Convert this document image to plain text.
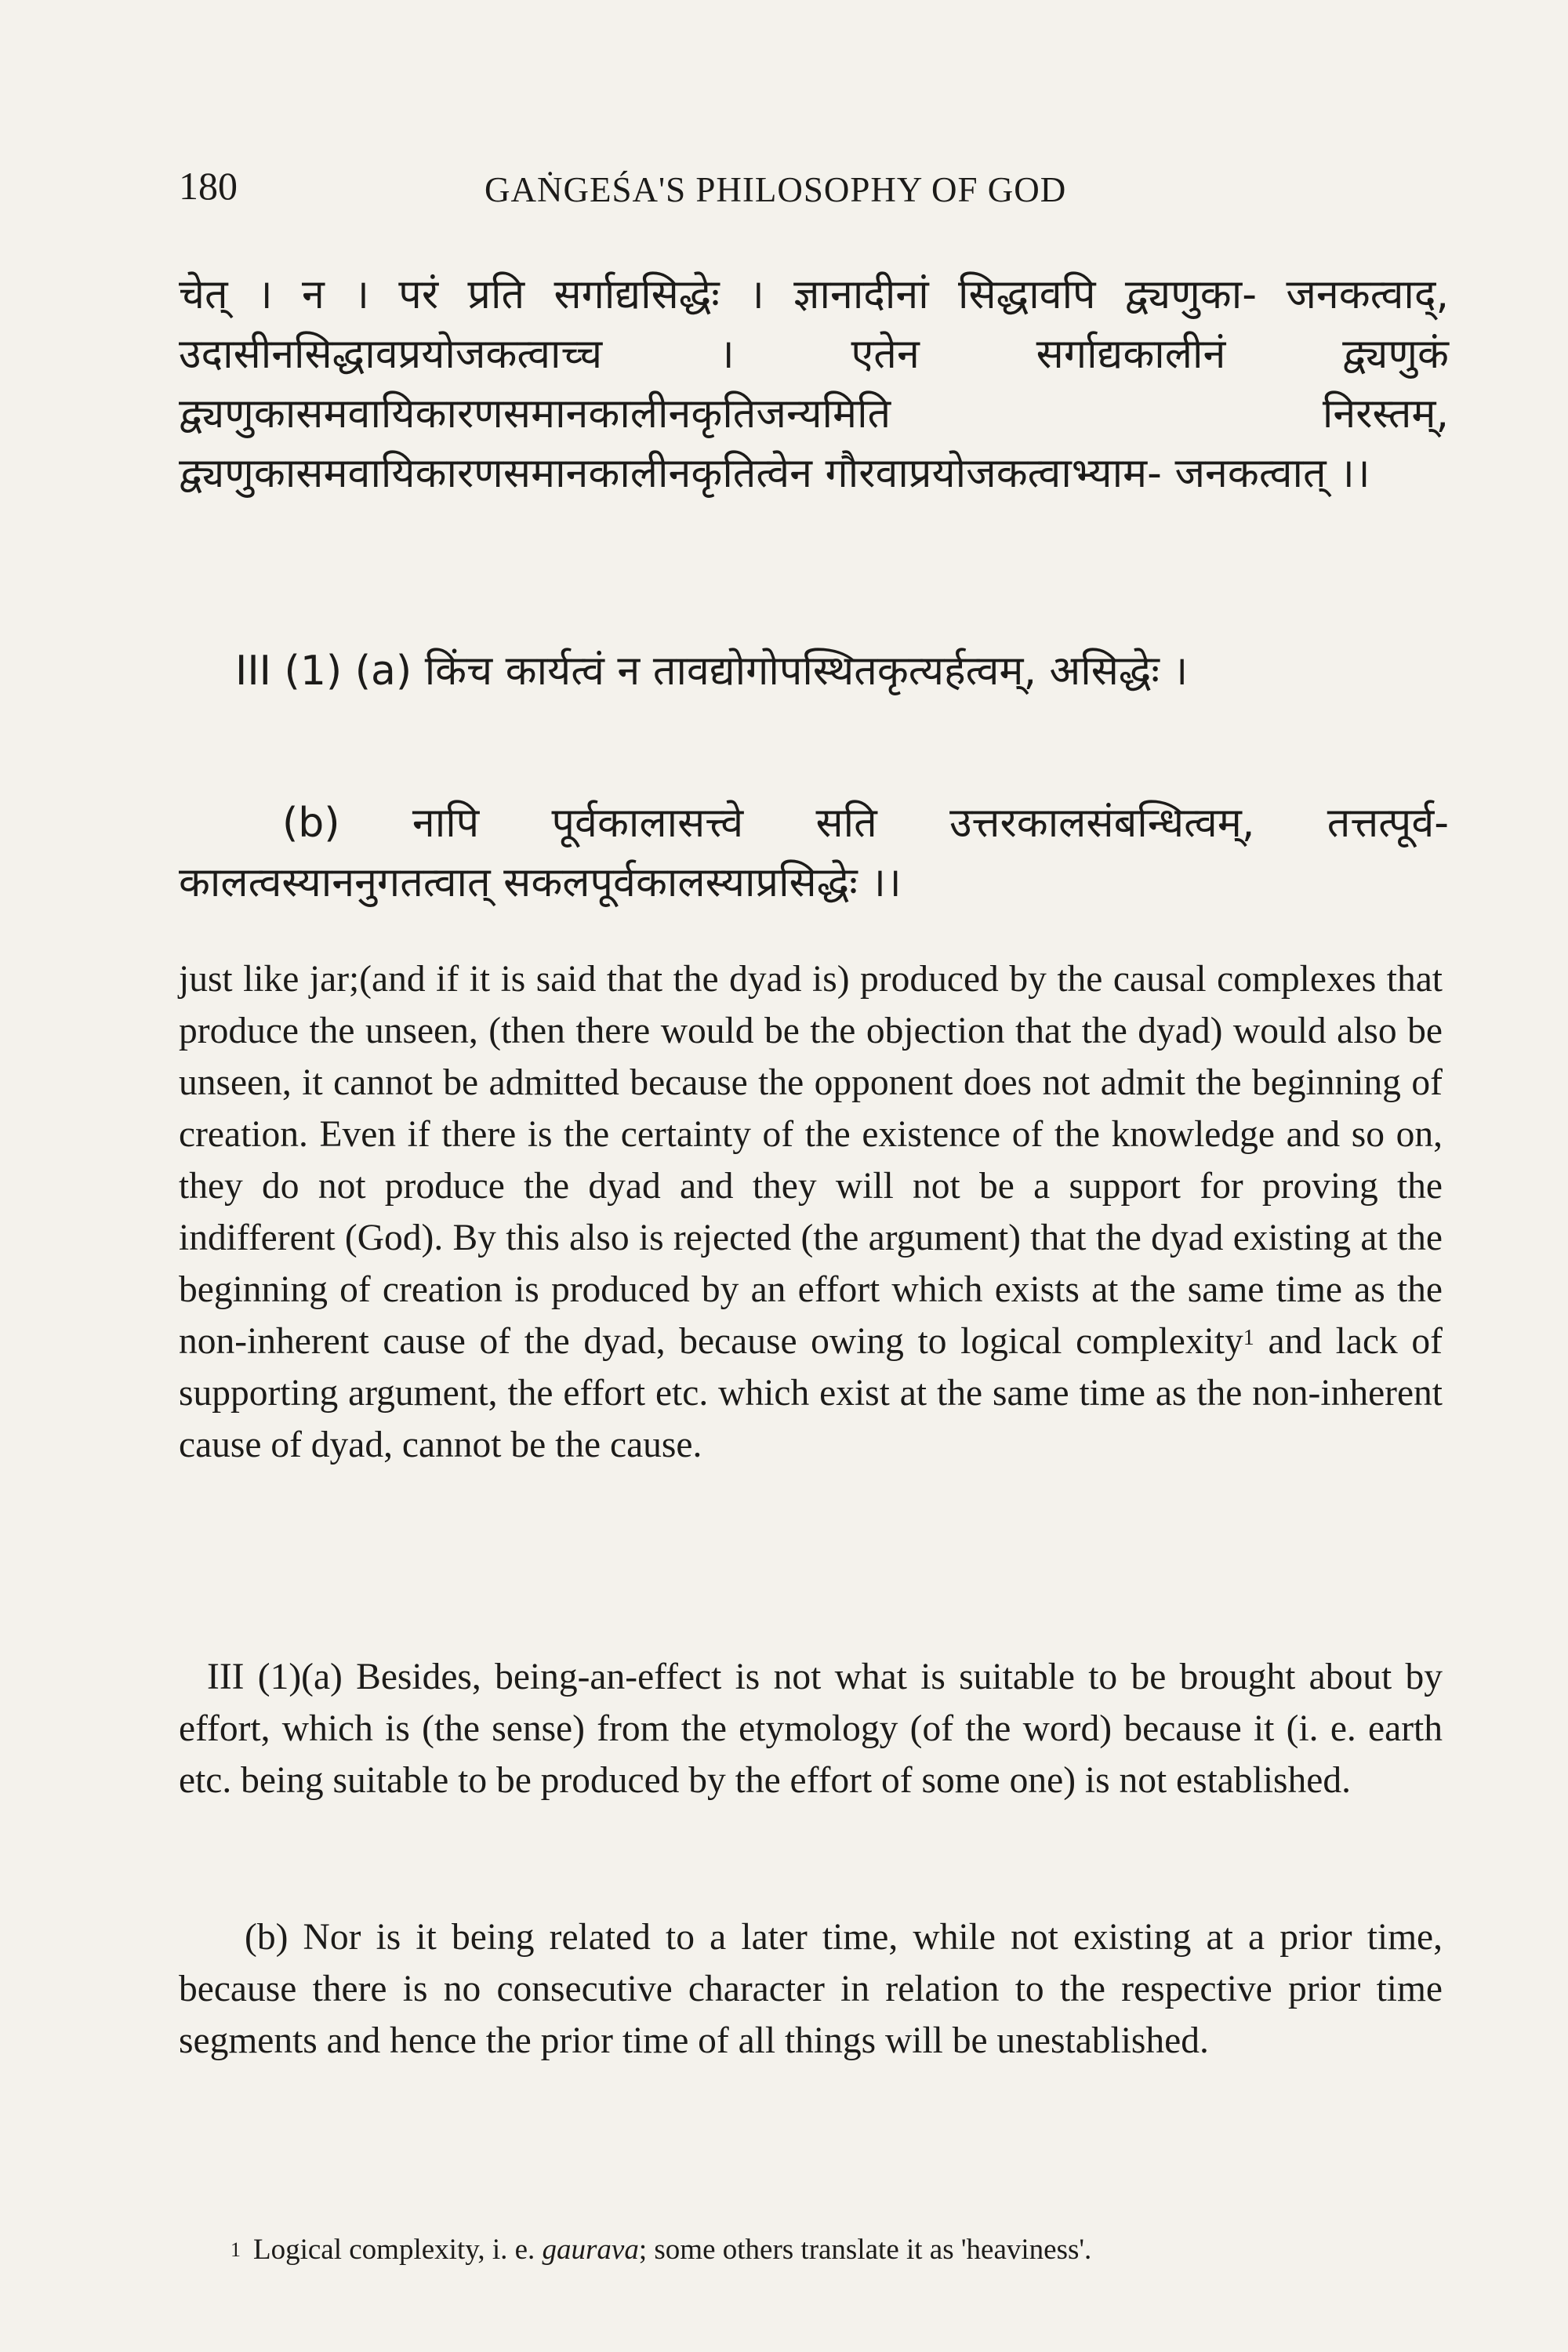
180	GAṄGEŚA'S PHILOSOPHY OF GOD

चेत् । न । परं प्रति सर्गाद्यसिद्धेः । ज्ञानादीनां सिद्धावपि द्व्यणुका- जनकत्वाद्, उदासीनसिद्धावप्रयोजकत्वाच्च । एतेन सर्गाद्यकालीनं द्व्यणुकं द्व्यणुकासमवायिकारणसमानकालीनकृतिजन्यमिति निरस्तम्, द्व्यणुकासमवायिकारणसमानकालीनकृतित्वेन गौरवाप्रयोजकत्वाभ्याम- जनकत्वात् ।।

III (1) (a) किंच कार्यत्वं न तावद्योगोपस्थितकृत्यर्हत्वम्, असिद्धेः ।

(b) नापि पूर्वकालासत्त्वे सति उत्तरकालसंबन्धित्वम्, तत्तत्पूर्व- कालत्वस्याननुगतत्वात् सकलपूर्वकालस्याप्रसिद्धेः ।।

just like jar;(and if it is said that the dyad is) produced by the causal complexes that produce the unseen, (then there would be the objection that the dyad) would also be unseen, it cannot be admitted because the opponent does not admit the beginning of creation. Even if there is the certainty of the existence of the knowledge and so on, they do not produce the dyad and they will not be a support for proving the indifferent (God). By this also is rejected (the argument) that the dyad existing at the beginning of creation is produced by an effort which exists at the same time as the non-inherent cause of the dyad, because owing to logical complexity$^1$ and lack of supporting argument, the effort etc. which exist at the same time as the non-inherent cause of dyad, cannot be the cause.

III (1)(a) Besides, being-an-effect is not what is suitable to be brought about by effort, which is (the sense) from the etymology (of the word) because it (i. e. earth etc. being suitable to be produced by the effort of some one) is not established.

(b) Nor is it being related to a later time, while not existing at a prior time, because there is no consecutive character in relation to the respective prior time segments and hence the prior time of all things will be unestablished.

$^1$ Logical complexity, i. e. gaurava; some others translate it as 'heaviness'.
